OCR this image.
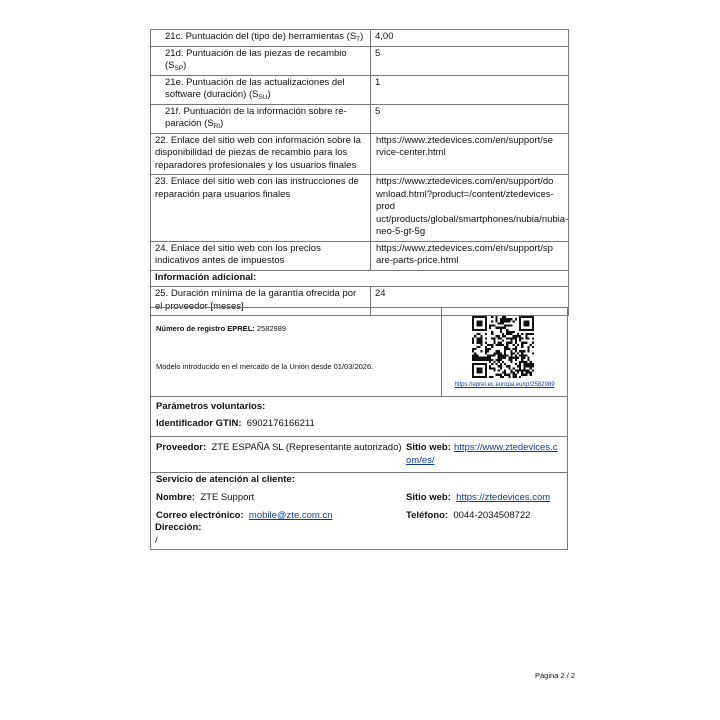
21c. Puntuación del (tipo de) herramientas $(S_T)$	4,00
21d. Puntuación de las piezas de recambio $(S_{SP})$	5
21e. Puntuación de las actualizaciones del software (duración) $(S_{SU})$	1
21f. Puntuación de la información sobre re-paración $(S_{RI})$	5
22. Enlace del sitio web con información sobre la disponibilidad de piezas de recambio para los reparadores profesionales y los usuarios finales	https://www.ztedevices.com/en/support/se rvice-center.html
23. Enlace del sitio web con las instrucciones de reparación para usuarios finales	https://www.ztedevices.com/en/support/do wnload.html?product=/content/ztedevices-prod uct/products/global/smartphones/nubia/nubia-neo-5-gt-5g
24. Enlace del sitio web con los precios indicativos antes de impuestos	https://www.ztedevices.com/en/support/sp are-parts-price.html
Información adicional:	
25. Duración mínima de la garantía ofrecida por el proveedor [meses]	24
Número de registro EPREL: 2582989
Modelo introducido en el mercado de la Unión desde 01/03/2026.
https://eprel.ec.europa.eu/qr/2582989
Parámetros voluntarios:
Identificador GTIN: 6902176166211
Proveedor: ZTE ESPAÑA SL (Representante autorizado) Sitio web: https://www.ztedevices.c
om/es/
Servicio de atención al cliente:
Nombre: ZTE Support	Sitio web: https://ztedevices.com
Correo electrónico: mobile@zte.com.cn	Teléfono: 0044-2034508722
Dirección:
/
Página 2 / 2
